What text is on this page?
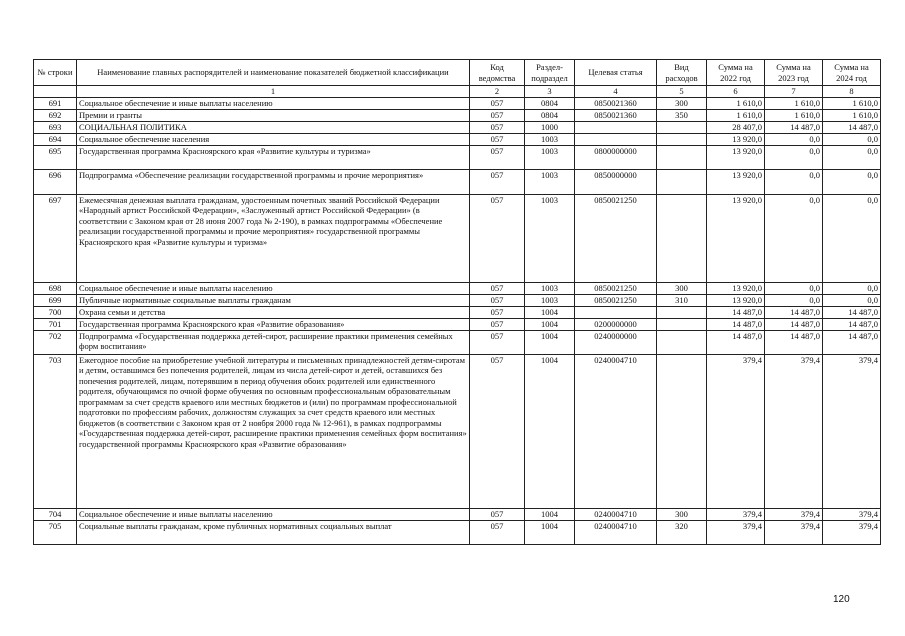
№ строки	Наименование главных распорядителей и наименование показателей бюджетной классификации	Код ведомства	Раздел-подраздел	Целевая статья	Вид расходов	Сумма на 2022 год	Сумма на 2023 год	Сумма на 2024 год
	1	2	3	4	5	6	7	8
691	Социальное обеспечение и иные выплаты населению	057	0804	0850021360	300	1 610,0	1 610,0	1 610,0
692	Премии и гранты	057	0804	0850021360	350	1 610,0	1 610,0	1 610,0
693	СОЦИАЛЬНАЯ ПОЛИТИКА	057	1000			28 407,0	14 487,0	14 487,0
694	Социальное обеспечение населения	057	1003			13 920,0	0,0	0,0
695	Государственная программа Красноярского края «Развитие культуры и туризма»	057	1003	0800000000		13 920,0	0,0	0,0
696	Подпрограмма «Обеспечение реализации государственной программы и прочие мероприятия»	057	1003	0850000000		13 920,0	0,0	0,0
697	Ежемесячная денежная выплата гражданам, удостоенным почетных званий Российской Федерации «Народный артист Российской Федерации», «Заслуженный артист Российской Федерации» (в соответствии с Законом края от 28 июня 2007 года № 2-190), в рамках подпрограммы «Обеспечение реализации государственной программы и прочие мероприятия» государственной программы Красноярского края «Развитие культуры и туризма»	057	1003	0850021250		13 920,0	0,0	0,0
698	Социальное обеспечение и иные выплаты населению	057	1003	0850021250	300	13 920,0	0,0	0,0
699	Публичные нормативные социальные выплаты гражданам	057	1003	0850021250	310	13 920,0	0,0	0,0
700	Охрана семьи и детства	057	1004			14 487,0	14 487,0	14 487,0
701	Государственная программа Красноярского края «Развитие образования»	057	1004	0200000000		14 487,0	14 487,0	14 487,0
702	Подпрограмма «Государственная поддержка детей-сирот, расширение практики применения семейных форм воспитания»	057	1004	0240000000		14 487,0	14 487,0	14 487,0
703	Ежегодное пособие на приобретение учебной литературы и письменных принадлежностей детям-сиротам и детям, оставшимся без попечения родителей, лицам из числа детей-сирот и детей, оставшихся без попечения родителей, лицам, потерявшим в период обучения обоих родителей или единственного родителя, обучающимся по очной форме обучения по основным профессиональным образовательным программам за счет средств краевого или местных бюджетов и (или) по программам профессиональной подготовки по профессиям рабочих, должностям служащих за счет средств краевого или местных бюджетов (в соответствии с Законом края от 2 ноября 2000 года № 12-961), в рамках подпрограммы «Государственная поддержка детей-сирот, расширение практики применения семейных форм воспитания» государственной программы Красноярского края «Развитие образования»	057	1004	0240004710		379,4	379,4	379,4
704	Социальное обеспечение и иные выплаты населению	057	1004	0240004710	300	379,4	379,4	379,4
705	Социальные выплаты гражданам, кроме публичных нормативных социальных выплат	057	1004	0240004710	320	379,4	379,4	379,4
120
